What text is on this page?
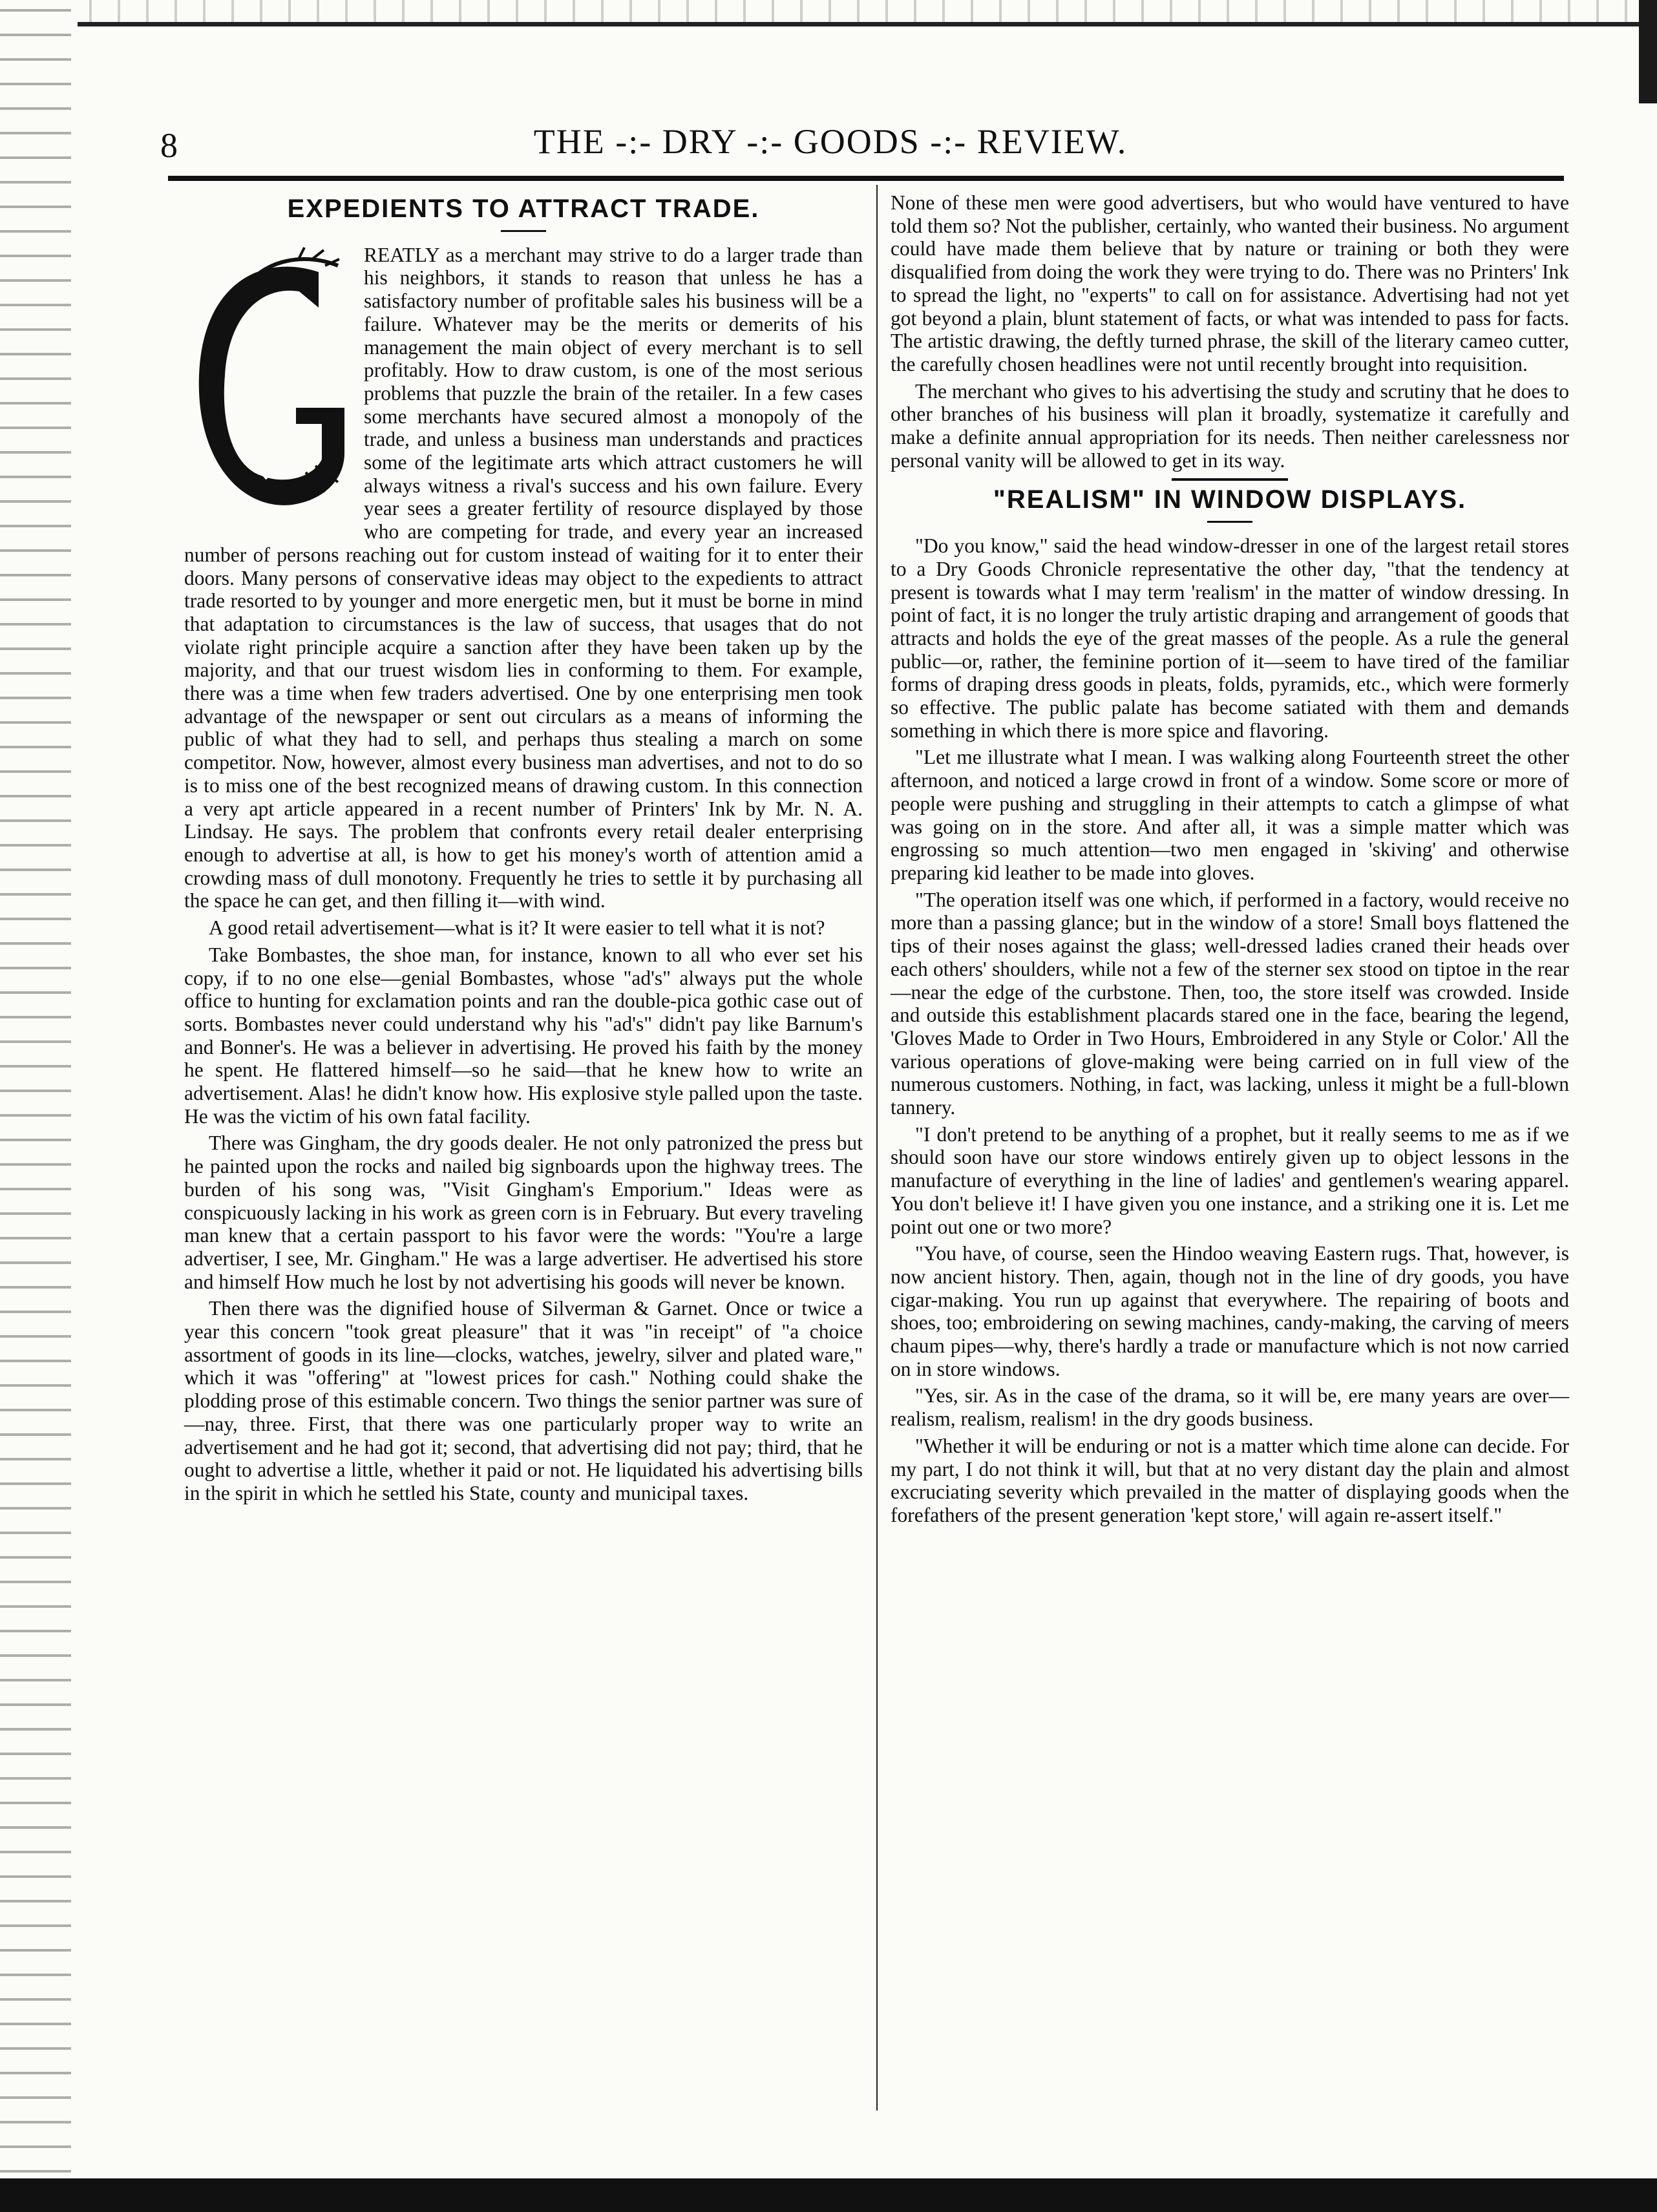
8	THE -:- DRY -:- GOODS -:- REVIEW.
EXPEDIENTS TO ATTRACT TRADE.

REATLY as a merchant may strive to do a larger trade than his neighbors, it stands to reason that unless he has a satisfactory number of profitable sales his business will be a failure. Whatever may be the merits or demerits of his management the main object of every merchant is to sell profitably. How to draw custom, is one of the most serious problems that puzzle the brain of the retailer. In a few cases some merchants have secured almost a monopoly of the trade, and unless a business man understands and practices some of the legitimate arts which attract customers he will always witness a rival's success and his own failure. Every year sees a greater fertility of resource displayed by those who are competing for trade, and every year an increased number of persons reaching out for custom instead of waiting for it to enter their doors. Many persons of conservative ideas may object to the expedients to attract trade resorted to by younger and more energetic men, but it must be borne in mind that adaptation to circumstances is the law of success, that usages that do not violate right principle acquire a sanction after they have been taken up by the majority, and that our truest wisdom lies in conforming to them. For example, there was a time when few traders advertised. One by one enterprising men took advantage of the newspaper or sent out circulars as a means of informing the public of what they had to sell, and perhaps thus stealing a march on some competitor. Now, however, almost every business man advertises, and not to do so is to miss one of the best recognized means of drawing custom. In this connection a very apt article appeared in a recent number of Printers' Ink by Mr. N. A. Lindsay. He says. The problem that confronts every retail dealer enterprising enough to advertise at all, is how to get his money's worth of attention amid a crowding mass of dull monotony. Frequently he tries to settle it by purchasing all the space he can get, and then filling it—with wind.

A good retail advertisement—what is it? It were easier to tell what it is not?

Take Bombastes, the shoe man, for instance, known to all who ever set his copy, if to no one else—genial Bombastes, whose "ad's" always put the whole office to hunting for exclamation points and ran the double-pica gothic case out of sorts. Bombastes never could understand why his "ad's" didn't pay like Barnum's and Bonner's. He was a believer in advertising. He proved his faith by the money he spent. He flattered himself—so he said—that he knew how to write an advertisement. Alas! he didn't know how. His explosive style palled upon the taste. He was the victim of his own fatal facility.

There was Gingham, the dry goods dealer. He not only patronized the press but he painted upon the rocks and nailed big signboards upon the highway trees. The burden of his song was, "Visit Gingham's Emporium." Ideas were as conspicuously lacking in his work as green corn is in February. But every traveling man knew that a certain passport to his favor were the words: "You're a large advertiser, I see, Mr. Gingham." He was a large advertiser. He advertised his store and himself How much he lost by not advertising his goods will never be known.

Then there was the dignified house of Silverman & Garnet. Once or twice a year this concern "took great pleasure" that it was "in receipt" of "a choice assortment of goods in its line—clocks, watches, jewelry, silver and plated ware," which it was "offering" at "lowest prices for cash." Nothing could shake the plodding prose of this estimable concern. Two things the senior partner was sure of—nay, three. First, that there was one particularly proper way to write an advertisement and he had got it; second, that advertising did not pay; third, that he ought to advertise a little, whether it paid or not. He liquidated his advertising bills in the spirit in which he settled his State, county and municipal taxes.

None of these men were good advertisers, but who would have ventured to have told them so? Not the publisher, certainly, who wanted their business. No argument could have made them believe that by nature or training or both they were disqualified from doing the work they were trying to do. There was no Printers' Ink to spread the light, no "experts" to call on for assistance. Advertising had not yet got beyond a plain, blunt statement of facts, or what was intended to pass for facts. The artistic drawing, the deftly turned phrase, the skill of the literary cameo cutter, the carefully chosen headlines were not until recently brought into requisition.

The merchant who gives to his advertising the study and scrutiny that he does to other branches of his business will plan it broadly, systematize it carefully and make a definite annual appropriation for its needs. Then neither carelessness nor personal vanity will be allowed to get in its way.

"REALISM" IN WINDOW DISPLAYS.

"Do you know," said the head window-dresser in one of the largest retail stores to a Dry Goods Chronicle representative the other day, "that the tendency at present is towards what I may term 'realism' in the matter of window dressing. In point of fact, it is no longer the truly artistic draping and arrangement of goods that attracts and holds the eye of the great masses of the people. As a rule the general public—or, rather, the feminine portion of it—seem to have tired of the familiar forms of draping dress goods in pleats, folds, pyramids, etc., which were formerly so effective. The public palate has become satiated with them and demands something in which there is more spice and flavoring.

"Let me illustrate what I mean. I was walking along Fourteenth street the other afternoon, and noticed a large crowd in front of a window. Some score or more of people were pushing and struggling in their attempts to catch a glimpse of what was going on in the store. And after all, it was a simple matter which was engrossing so much attention—two men engaged in 'skiving' and otherwise preparing kid leather to be made into gloves.

"The operation itself was one which, if performed in a factory, would receive no more than a passing glance; but in the window of a store! Small boys flattened the tips of their noses against the glass; well-dressed ladies craned their heads over each others' shoulders, while not a few of the sterner sex stood on tiptoe in the rear—near the edge of the curbstone. Then, too, the store itself was crowded. Inside and outside this establishment placards stared one in the face, bearing the legend, 'Gloves Made to Order in Two Hours, Embroidered in any Style or Color.' All the various operations of glove-making were being carried on in full view of the numerous customers. Nothing, in fact, was lacking, unless it might be a full-blown tannery.

"I don't pretend to be anything of a prophet, but it really seems to me as if we should soon have our store windows entirely given up to object lessons in the manufacture of everything in the line of ladies' and gentlemen's wearing apparel. You don't believe it! I have given you one instance, and a striking one it is. Let me point out one or two more?

"You have, of course, seen the Hindoo weaving Eastern rugs. That, however, is now ancient history. Then, again, though not in the line of dry goods, you have cigar-making. You run up against that everywhere. The repairing of boots and shoes, too; embroidering on sewing machines, candy-making, the carving of meers chaum pipes—why, there's hardly a trade or manufacture which is not now carried on in store windows.

"Yes, sir. As in the case of the drama, so it will be, ere many years are over—realism, realism, realism! in the dry goods business.

"Whether it will be enduring or not is a matter which time alone can decide. For my part, I do not think it will, but that at no very distant day the plain and almost excruciating severity which prevailed in the matter of displaying goods when the forefathers of the present generation 'kept store,' will again re-assert itself."
